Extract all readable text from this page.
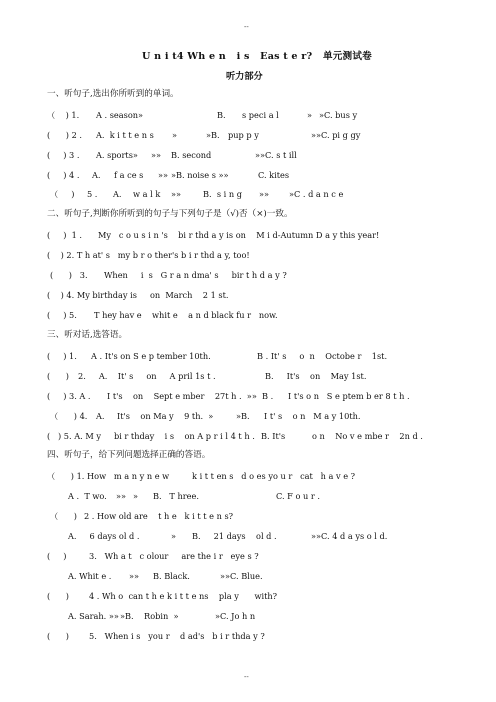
--
U n i t4 Wh e n   i s   Eas t e r?   单元测试卷
听力部分
一、听句子,选出你所听到的单词。
（    ) 1. A . season»	B. s peci a l	» »C. bus y
(      ) 2 . A.  k i t t e n s »	»B. pup p y	»»C. pi g gy
(     ) 3 . A. sports» »» B. second	»»C. s t ill
(     ) 4 . A. f a ce s »» »B. noise s »»	C. kites
（     ) 5 . A. w a l k »»	B.  s i n g »» »C . d a n c e
二、听句子,判断你所听到的句子与下列句子是（√)否（×)一致。
(     )  1 . My   c o u s i n 's    bi r thd a y is on    M i d-Autumn D a y this year!
(    ) 2. T h at' s   my b r o ther's b i r thd a y, too!
(      )   3. When     i  s   G r a n dma' s     bir t h d a y ?
(    ) 4. My birthday is     on  March    2 1 st.
(     ) 5. T hey hav e    whit e    a n d black fu r   now.
三、听对话,选答语。
(     ) 1. A . It's on S e p tember 10th.	B . It' s     o  n    Octobe r    1st.
(      ) 2.     A.    It' s     on     A pril 1s t .	B.     It's    on    May 1st.
(     ) 3. A . I t's    on    Sept e mber    27t h .  »»  B . I t's o n   S e ptem b er 8 t h .
（      ) 4. A. It's    on Ma y    9 th.  »	»B. I t' s    o n   M a y 10th.
(   ) 5. A. M y     bi r thday    i s    on A p r i l 4 t h . B. It's	o n    No v e mbe r    2n d .
四、听句子，给下列问题选择正确的答语。
（      ) 1. How   m a n y n e w	k i t t en s   d o es yo u r   cat   h a v e ?
A .  T wo. »» » B.   T hree.	C. F o u r .
（      ) 2 . How old are    t h e   k i t t e n s?
A.     6 days ol d .	» B.     21 days    ol d .	»»C. 4 d a ys o l d.
(     )	3.   Wh a t   c olour     are the i r   eye s ?
A. Whit e . »» B. Black.	»»C. Blue.
(      ) 4 . Wh o  can t h e k i t t e ns    pla y      with?
A. Sarah. »» »B.    Robin  »	»C. Jo h n
(      ) 5.   When i s   you r    d ad's   b i r thda y ?
--
